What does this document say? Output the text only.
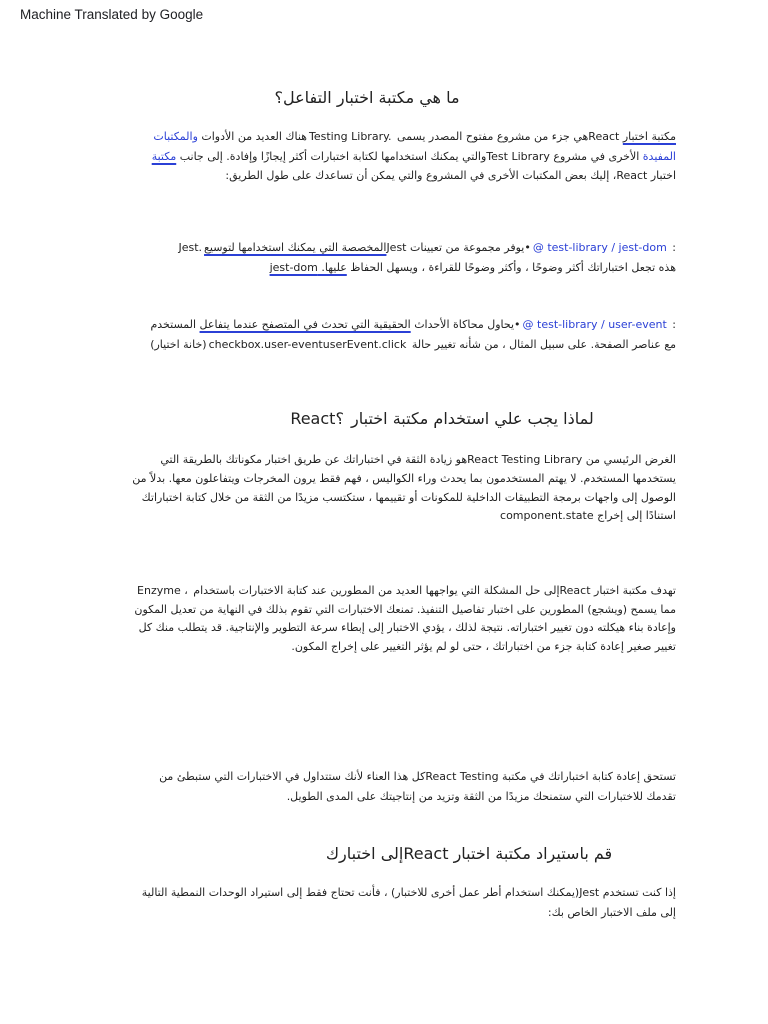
Machine Translated by Google
ما هي مكتبة اختبار التفاعل؟
مكتبة اختبار Reactهي جزء من مشروع مفتوح المصدر يسمى Testing Library.هناك العديد من الأدوات والمكتبات
المفيدة الأخرى في مشروع Test Libraryوالتي يمكنك استخدامها لكتابة اختبارات أكثر إيجازًا وإفادة. إلى جانب مكتبة
اختبار React، إليك بعض المكتبات الأخرى في المشروع والتي يمكن أن تساعدك على طول الطريق:
: @ test-library / jest-dom•يوفر مجموعة من تعيينات Jestالمخصصة التي يمكنك استخدامها لتوسيعJest.
هذه تجعل اختباراتك أكثر وضوحًا ، وأكثر وضوحًا للقراءة ، ويسهل الحفاظ عليها. jest-dom
: @ test-library / user-event•يحاول محاكاة الأحداث الحقيقية التي تحدث في المتصفح عندما يتفاعل المستخدم
مع عناصر الصفحة. على سبيل المثال ، من شأنه تغيير حالة checkbox.user-eventuserEvent.click(خانة اختيار)
لماذا يجب علي استخدام مكتبة اختبار React؟
الغرض الرئيسي من React Testing Libraryهو زيادة الثقة في اختباراتك عن طريق اختبار مكوناتك بالطريقة التي
يستخدمها المستخدم. لا يهتم المستخدمون بما يحدث وراء الكواليس ، فهم فقط يرون المخرجات ويتفاعلون معها. بدلاً من
الوصول إلى واجهات برمجة التطبيقات الداخلية للمكونات أو تقييمها ، ستكتسب مزيدًا من الثقة من خلال كتابة اختباراتك
استنادًا إلى إخراج component.state
تهدف مكتبة اختبار Reactإلى حل المشكلة التي يواجهها العديد من المطورين عند كتابة الاختبارات باستخدام Enzyme ،
مما يسمح (ويشجع) المطورين على اختبار تفاصيل التنفيذ. تمنعك الاختبارات التي تقوم بذلك في النهاية من تعديل المكون
وإعادة بناء هيكلته دون تغيير اختباراته. نتيجة لذلك ، يؤدي الاختبار إلى إبطاء سرعة التطوير والإنتاجية. قد يتطلب منك كل
تغيير صغير إعادة كتابة جزء من اختباراتك ، حتى لو لم يؤثر التغيير على إخراج المكون.
تستحق إعادة كتابة اختباراتك في مكتبة React Testingكل هذا العناء لأنك ستتداول في الاختبارات التي ستبطئ من
تقدمك للاختبارات التي ستمنحك مزيدًا من الثقة وتزيد من إنتاجيتك على المدى الطويل.
قم باستيراد مكتبة اختبار Reactإلى اختبارك
إذا كنت تستخدم Jest(يمكنك استخدام أطر عمل أخرى للاختبار) ، فأنت تحتاج فقط إلى استيراد الوحدات النمطية التالية
إلى ملف الاختبار الخاص بك:
